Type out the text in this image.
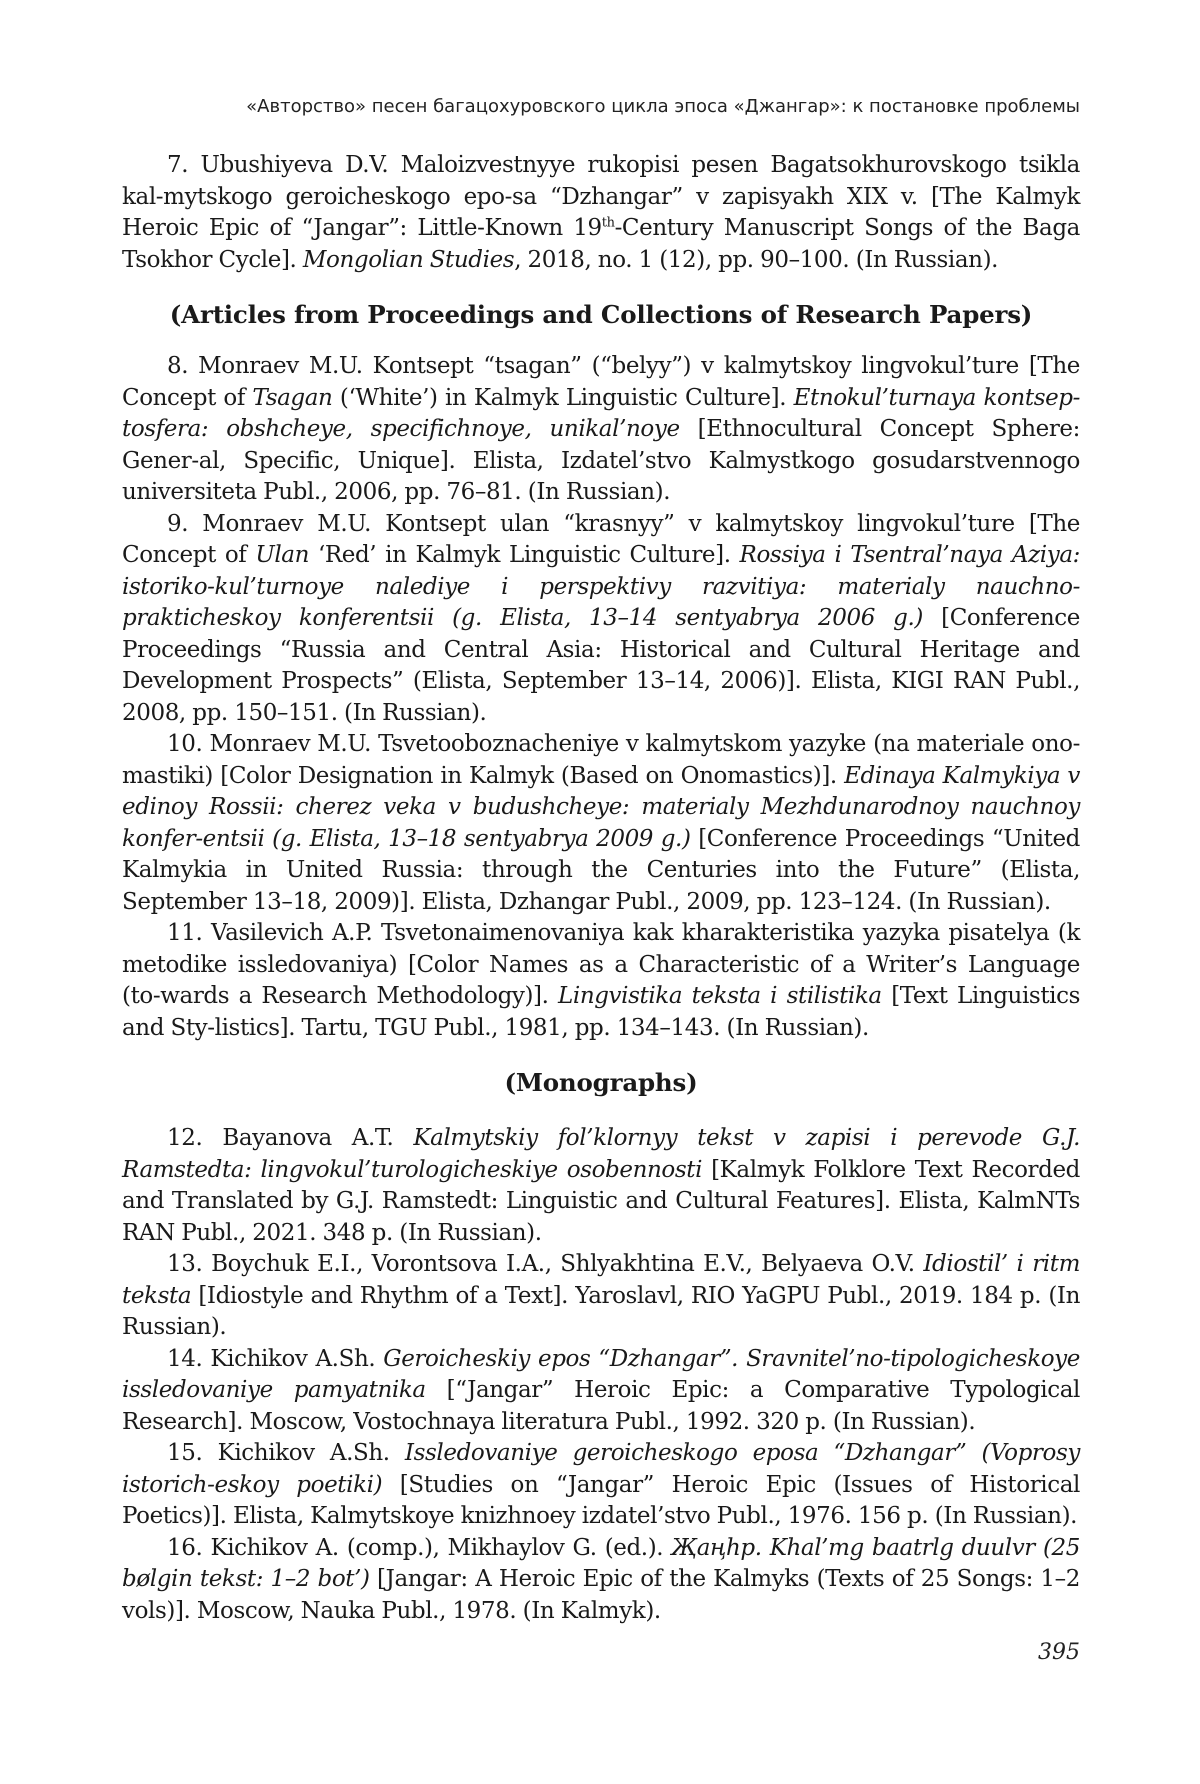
«Авторство» песен багацохуровского цикла эпоса «Джангар»: к постановке проблемы

7. Ubushiyeva D.V. Maloizvestnyye rukopisi pesen Bagatsokhurovskogo tsikla kal-mytskogo geroicheskogo epo-sa “Dzhangar” v zapisyakh XIX v. [The Kalmyk Heroic Epic of “Jangar”: Little-Known 19th-Century Manuscript Songs of the Baga Tsokhor Cycle]. Mongolian Studies, 2018, no. 1 (12), pp. 90–100. (In Russian).

(Articles from Proceedings and Collections of Research Papers)

8. Monraev M.U. Kontsept “tsagan” (“belyy”) v kalmytskoy lingvokul’ture [The Concept of Tsagan (‘White’) in Kalmyk Linguistic Culture]. Etnokul’turnaya kontsep-tosfera: obshcheye, specifichnoye, unikal’noye [Ethnocultural Concept Sphere: Gener-al, Specific, Unique]. Elista, Izdatel’stvo Kalmystkogo gosudarstvennogo universiteta Publ., 2006, pp. 76–81. (In Russian).

9. Monraev M.U. Kontsept ulan “krasnyy” v kalmytskoy lingvokul’ture [The Concept of Ulan ‘Red’ in Kalmyk Linguistic Culture]. Rossiya i Tsentral’naya Aziya: istoriko-kul’turnoye nalediye i perspektivy razvitiya: materialy nauchno-prakticheskoy konferentsii (g. Elista, 13–14 sentyabrya 2006 g.) [Conference Proceedings “Russia and Central Asia: Historical and Cultural Heritage and Development Prospects” (Elista, September 13–14, 2006)]. Elista, KIGI RAN Publ., 2008, pp. 150–151. (In Russian).

10. Monraev M.U. Tsvetooboznacheniye v kalmytskom yazyke (na materiale ono-mastiki) [Color Designation in Kalmyk (Based on Onomastics)]. Edinaya Kalmykiya v edinoy Rossii: cherez veka v budushcheye: materialy Mezhdunarodnoy nauchnoy konfer-entsii (g. Elista, 13–18 sentyabrya 2009 g.) [Conference Proceedings “United Kalmykia in United Russia: through the Centuries into the Future” (Elista, September 13–18, 2009)]. Elista, Dzhangar Publ., 2009, pp. 123–124. (In Russian).

11. Vasilevich A.P. Tsvetonaimenovaniya kak kharakteristika yazyka pisatelya (k metodike issledovaniya) [Color Names as a Characteristic of a Writer’s Language (to-wards a Research Methodology)]. Lingvistika teksta i stilistika [Text Linguistics and Sty-listics]. Tartu, TGU Publ., 1981, pp. 134–143. (In Russian).

(Monographs)

12. Bayanova A.T. Kalmytskiy fol’klornyy tekst v zapisi i perevode G.J. Ramstedta: lingvokul’turologicheskiye osobennosti [Kalmyk Folklore Text Recorded and Translated by G.J. Ramstedt: Linguistic and Cultural Features]. Elista, KalmNTs RAN Publ., 2021. 348 p. (In Russian).

13. Boychuk E.I., Vorontsova I.A., Shlyakhtina E.V., Belyaeva O.V. Idiostil’ i ritm teksta [Idiostyle and Rhythm of a Text]. Yaroslavl, RIO YaGPU Publ., 2019. 184 p. (In Russian).

14. Kichikov A.Sh. Geroicheskiy epos “Dzhangar”. Sravnitel’no-tipologicheskoye issledovaniye pamyatnika [“Jangar” Heroic Epic: a Comparative Typological Research]. Moscow, Vostochnaya literatura Publ., 1992. 320 p. (In Russian).

15. Kichikov A.Sh. Issledovaniye geroicheskogo eposa “Dzhangar” (Voprosy istorich-eskoy poetiki) [Studies on “Jangar” Heroic Epic (Issues of Historical Poetics)]. Elista, Kalmytskoye knizhnoey izdatel’stvo Publ., 1976. 156 p. (In Russian).

16. Kichikov A. (comp.), Mikhaylov G. (ed.). Җаңһр. Khal’mg baatrlg duulvr (25 bølgin tekst: 1–2 bot’) [Jangar: A Heroic Epic of the Kalmyks (Texts of 25 Songs: 1–2 vols)]. Moscow, Nauka Publ., 1978. (In Kalmyk).

395
